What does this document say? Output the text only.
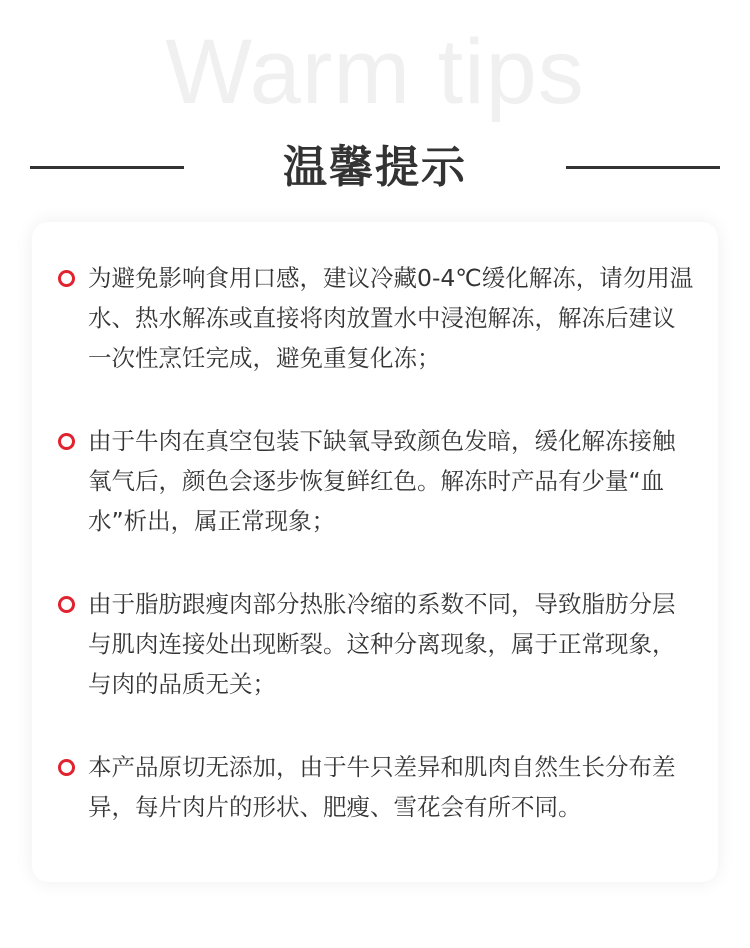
Warm tips
温馨提示
为避免影响食用口感，建议冷藏0-4℃缓化解冻，请勿用温水、热水解冻或直接将肉放置水中浸泡解冻，解冻后建议一次性烹饪完成，避免重复化冻；
由于牛肉在真空包装下缺氧导致颜色发暗，缓化解冻接触氧气后，颜色会逐步恢复鲜红色。解冻时产品有少量“血水”析出，属正常现象；
由于脂肪跟瘦肉部分热胀冷缩的系数不同，导致脂肪分层与肌肉连接处出现断裂。这种分离现象，属于正常现象，与肉的品质无关；
本产品原切无添加，由于牛只差异和肌肉自然生长分布差异，每片肉片的形状、肥瘦、雪花会有所不同。
